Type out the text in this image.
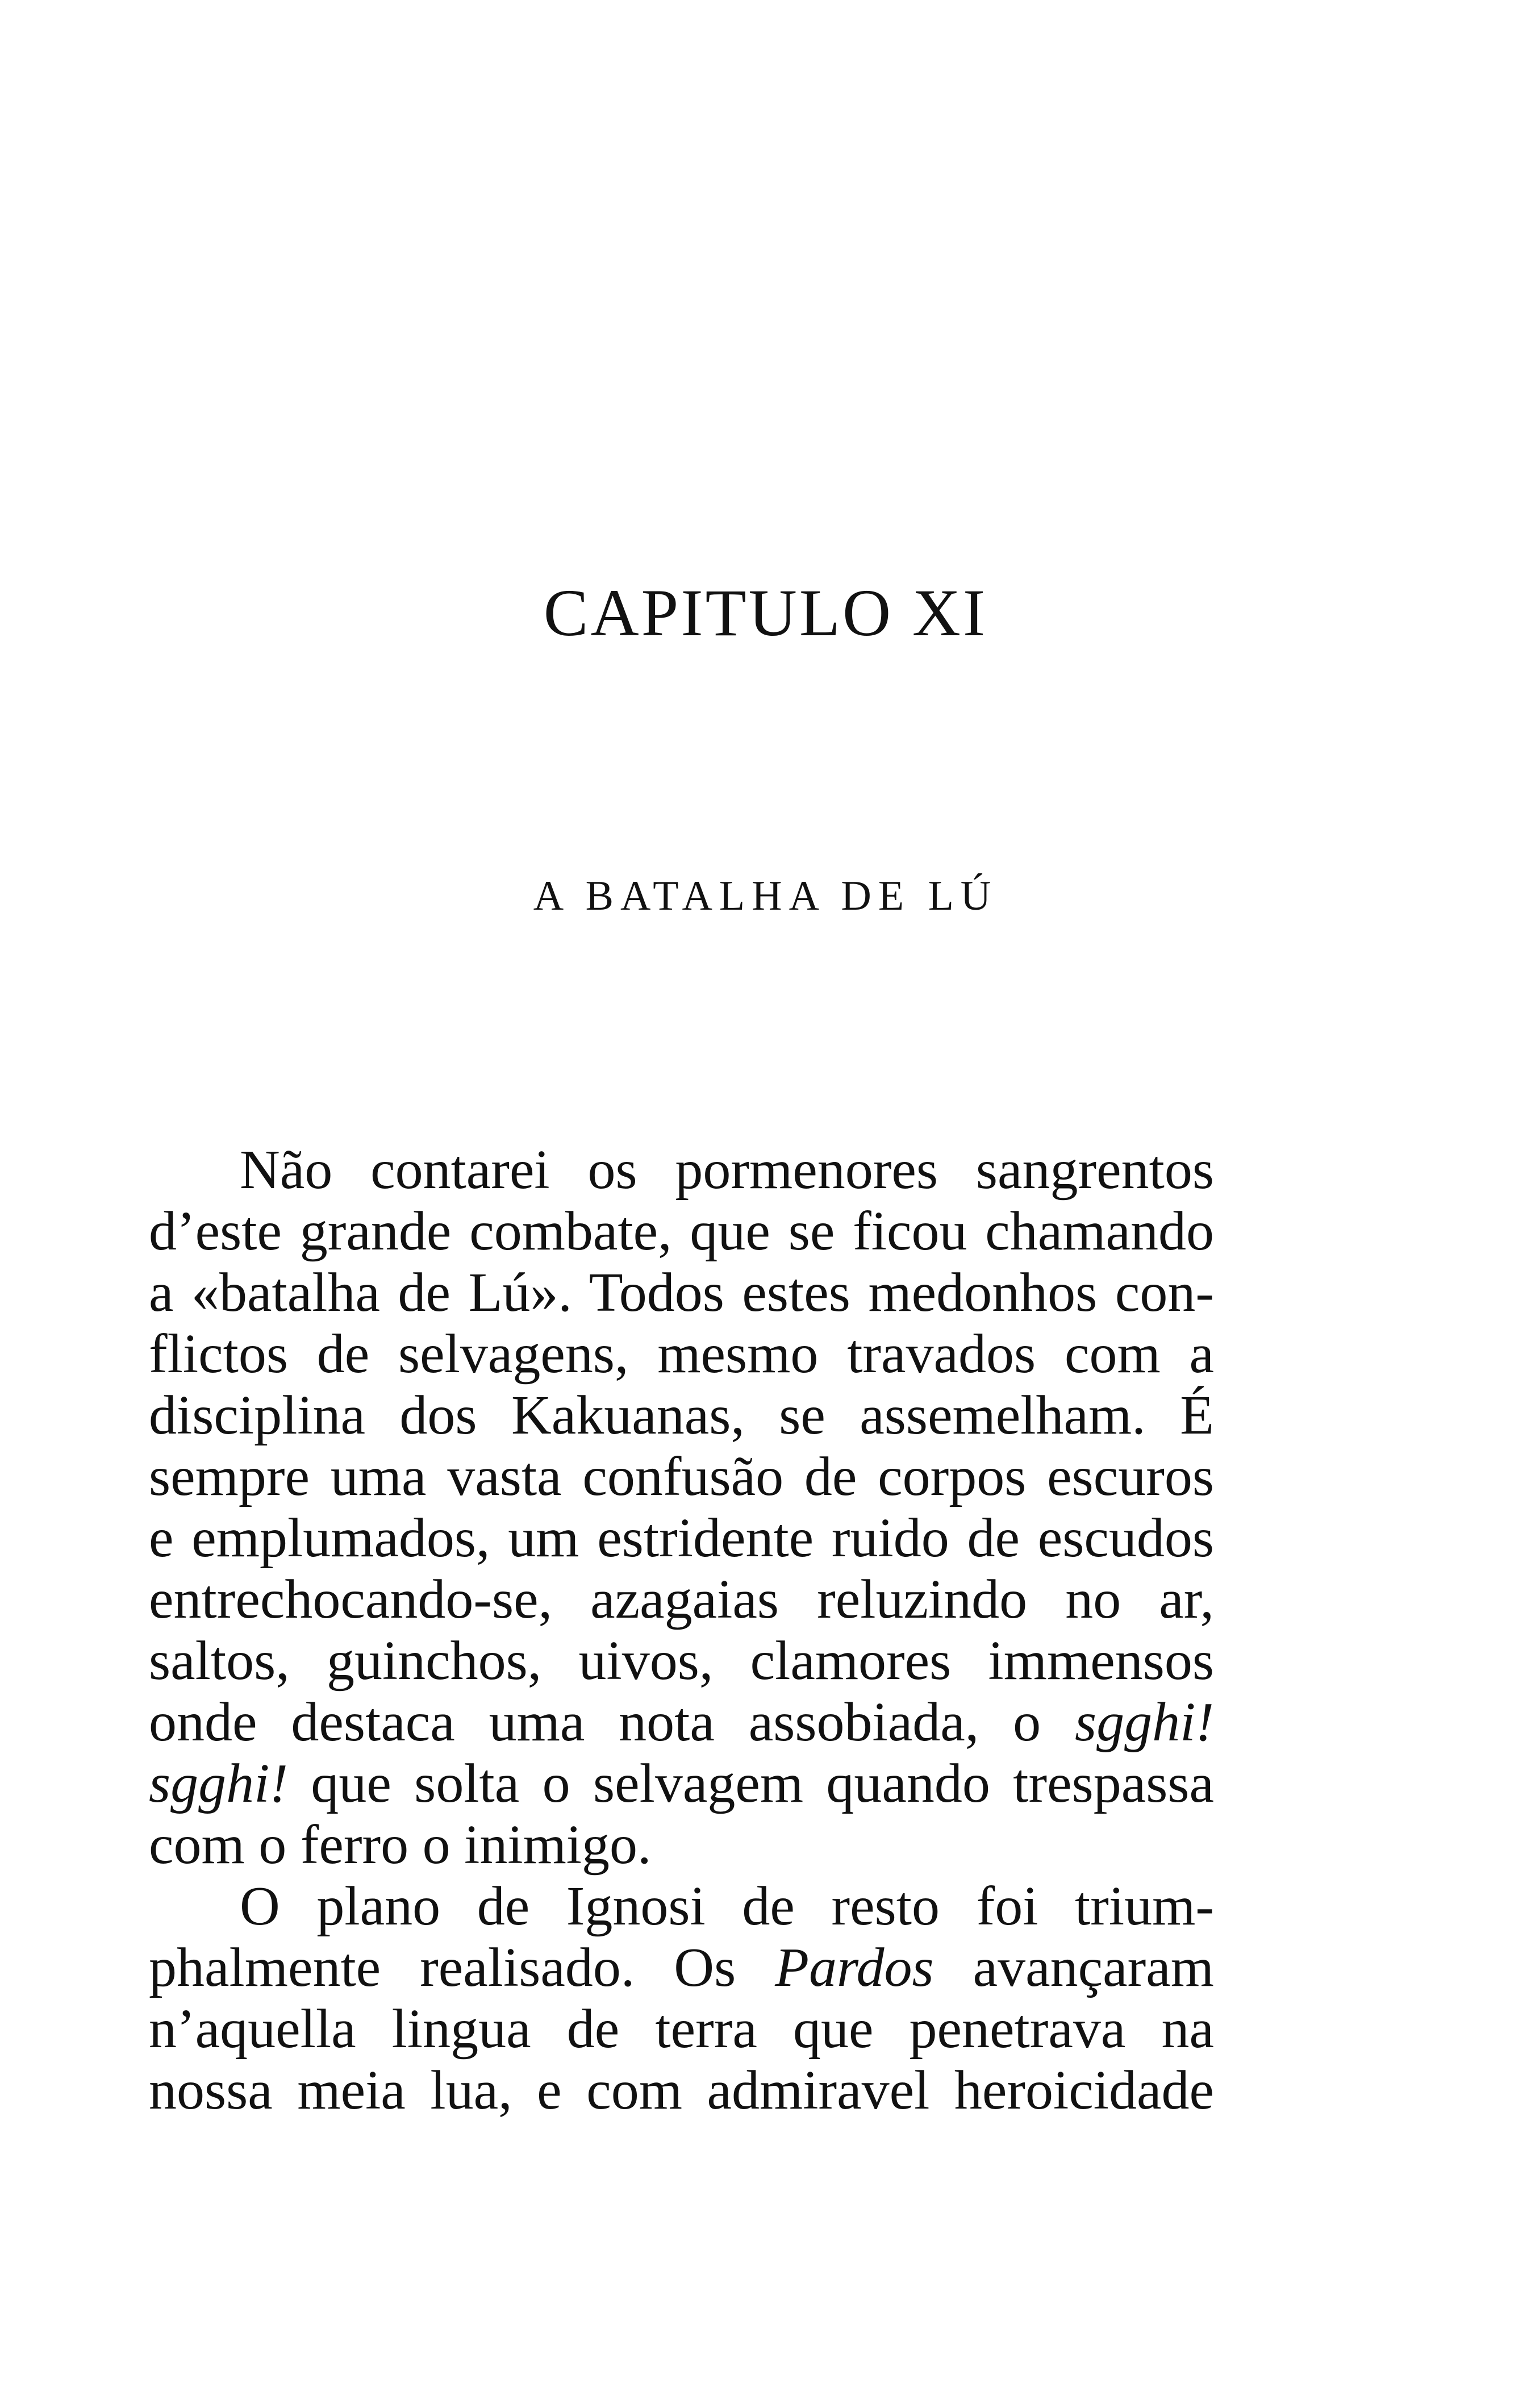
CAPITULO XI
A BATALHA DE LÚ
Não contarei os pormenores sangrentos
d’este grande combate, que se ficou chamando
a «batalha de Lú». Todos estes medonhos con-
flictos de selvagens, mesmo travados com a
disciplina dos Kakuanas, se assemelham. É
sempre uma vasta confusão de corpos escuros
e emplumados, um estridente ruido de escudos
entrechocando-se, azagaias reluzindo no ar,
saltos, guinchos, uivos, clamores immensos
onde destaca uma nota assobiada, o sgghi!
sgghi! que solta o selvagem quando trespassa
com o ferro o inimigo.
O plano de Ignosi de resto foi trium-
phalmente realisado. Os Pardos avançaram
n’aquella lingua de terra que penetrava na
nossa meia lua, e com admiravel heroicidade
